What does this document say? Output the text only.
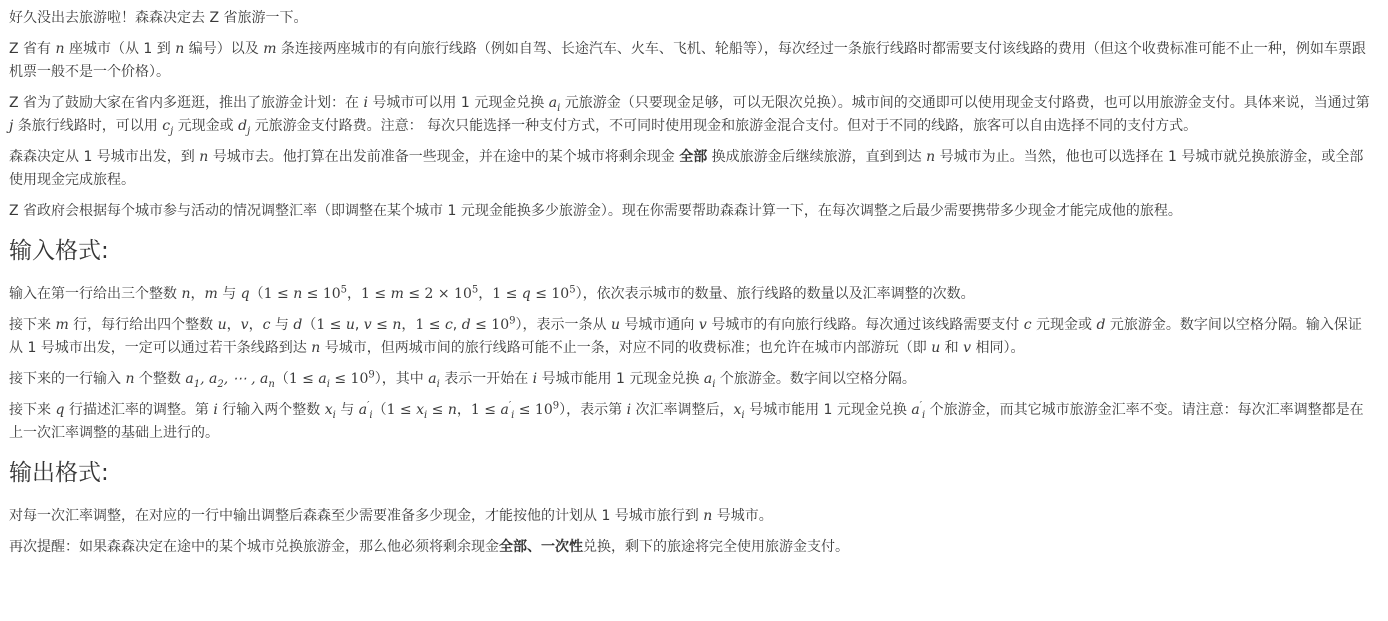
好久没出去旅游啦！森森决定去 Z 省旅游一下。

Z 省有 n 座城市（从 1 到 n 编号）以及 m 条连接两座城市的有向旅行线路（例如自驾、长途汽车、火车、飞机、轮船等），每次经过一条旅行线路时都需要支付该线路的费用（但这个收费标准可能不止一种，例如车票跟机票一般不是一个价格）。

Z 省为了鼓励大家在省内多逛逛，推出了旅游金计划：在 i 号城市可以用 1 元现金兑换 $a_i$ 元旅游金（只要现金足够，可以无限次兑换）。城市间的交通即可以使用现金支付路费，也可以用旅游金支付。具体来说，当通过第 j 条旅行线路时，可以用 $c_j$ 元现金或 $d_j$ 元旅游金支付路费。注意： 每次只能选择一种支付方式，不可同时使用现金和旅游金混合支付。但对于不同的线路，旅客可以自由选择不同的支付方式。

森森决定从 1 号城市出发，到 n 号城市去。他打算在出发前准备一些现金，并在途中的某个城市将剩余现金 全部 换成旅游金后继续旅游，直到到达 n 号城市为止。当然，他也可以选择在 1 号城市就兑换旅游金，或全部使用现金完成旅程。

Z 省政府会根据每个城市参与活动的情况调整汇率（即调整在某个城市 1 元现金能换多少旅游金）。现在你需要帮助森森计算一下，在每次调整之后最少需要携带多少现金才能完成他的旅程。

输入格式:

输入在第一行给出三个整数 n，m 与 $q(1 \le n \le 10^5$，$1 \le m \le 2 \times 10^5$，$1 \le q \le 10^5$），依次表示城市的数量、旅行线路的数量以及汇率调整的次数。

接下来 m 行，每行给出四个整数 u，v，c 与 d（1 ≤ u, v ≤ n，1 ≤ c, $d \le 10^9$），表示一条从 u 号城市通向 v 号城市的有向旅行线路。每次通过该线路需要支付 c 元现金或 d 元旅游金。数字间以空格分隔。输入保证从 1 号城市出发，一定可以通过若干条线路到达 n 号城市，但两城市间的旅行线路可能不止一条，对应不同的收费标准；也允许在城市内部游玩（即 u 和 v 相同）。

接下来的一行输入 n 个整数 $a_1$, $a_2$, ⋯ , $a_n(1 \le a_i \le 10^9)$，其中 $a_i$ 表示一开始在 i 号城市能用 1 元现金兑换 $a_i$ 个旅游金。数字间以空格分隔。

接下来 q 行描述汇率的调整。第 i 行输入两个整数 $x_i$ 与 $a'_i(1 \le x_i \le n$，$1 \le a'_i \le 10^9$），表示第 i 次汇率调整后，$x_i$ 号城市能用 1 元现金兑换 $a'_i$ 个旅游金，而其它城市旅游金汇率不变。请注意：每次汇率调整都是在上一次汇率调整的基础上进行的。

输出格式:

对每一次汇率调整，在对应的一行中输出调整后森森至少需要准备多少现金，才能按他的计划从 1 号城市旅行到 n 号城市。

再次提醒：如果森森决定在途中的某个城市兑换旅游金，那么他必须将剩余现金全部、一次性兑换，剩下的旅途将完全使用旅游金支付。
